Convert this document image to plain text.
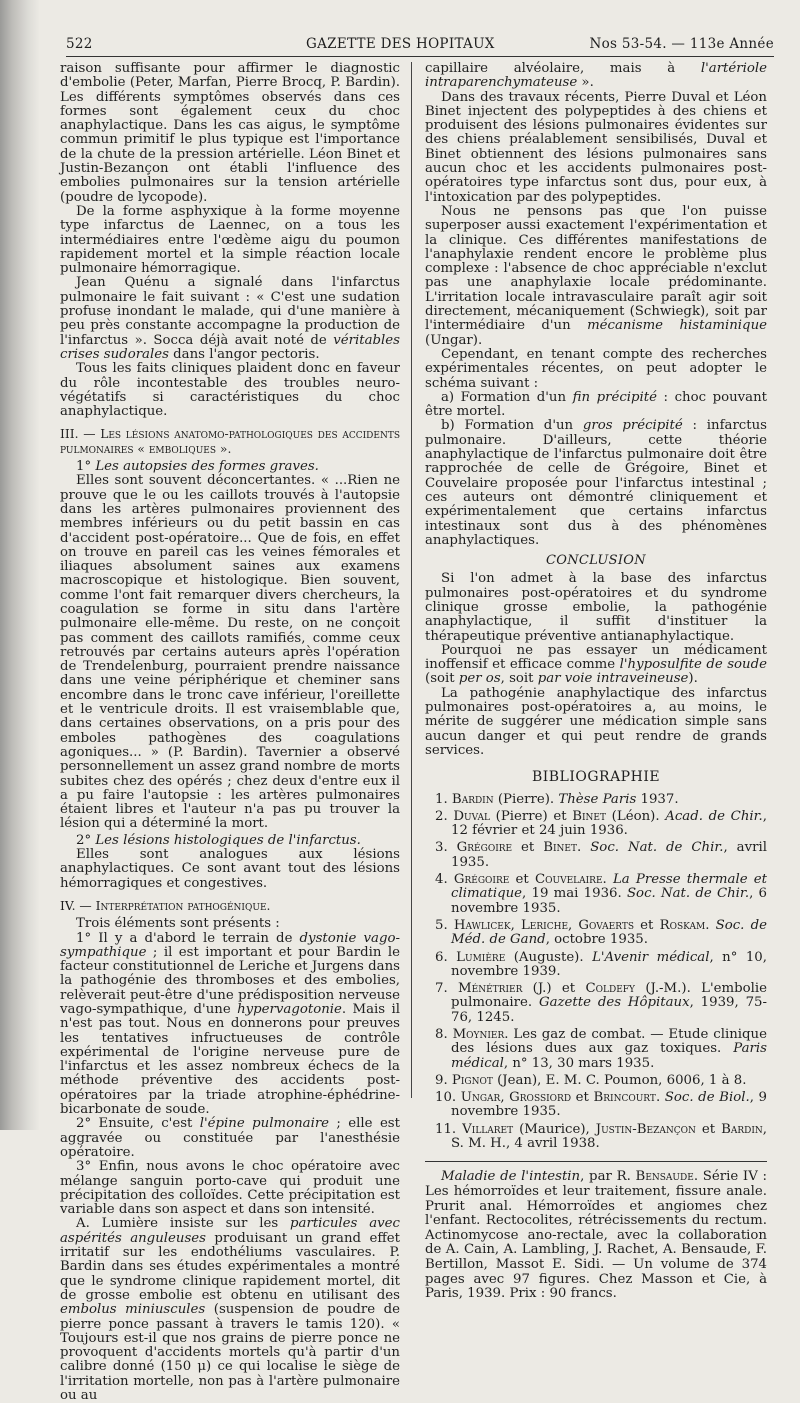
522	GAZETTE DES HOPITAUX	Nos 53-54. — 113e Année

raison suffisante pour affirmer le diagnostic d'embolie (Peter, Marfan, Pierre Brocq, P. Bardin). Les différents symptômes observés dans ces formes sont également ceux du choc anaphylactique. Dans les cas aigus, le symptôme commun primitif le plus typique est l'importance de la chute de la pression artérielle. Léon Binet et Justin-Bezançon ont établi l'influence des embolies pulmonaires sur la tension artérielle (poudre de lycopode).

De la forme asphyxique à la forme moyenne type infarctus de Laennec, on a tous les intermédiaires entre l'œdème aigu du poumon rapidement mortel et la simple réaction locale pulmonaire hémorragique.

Jean Quénu a signalé dans l'infarctus pulmonaire le fait suivant : « C'est une sudation profuse inondant le malade, qui d'une manière à peu près constante accompagne la production de l'infarctus ». Socca déjà avait noté de véritables crises sudorales dans l'angor pectoris.

Tous les faits cliniques plaident donc en faveur du rôle incontestable des troubles neuro-végétatifs si caractéristiques du choc anaphylactique.

III. — Les lésions anatomo-pathologiques des accidents pulmonaires « emboliques ».

1° Les autopsies des formes graves.

Elles sont souvent déconcertantes. « ...Rien ne prouve que le ou les caillots trouvés à l'autopsie dans les artères pulmonaires proviennent des membres inférieurs ou du petit bassin en cas d'accident post-opératoire... Que de fois, en effet on trouve en pareil cas les veines fémorales et iliaques absolument saines aux examens macroscopique et histologique. Bien souvent, comme l'ont fait remarquer divers chercheurs, la coagulation se forme in situ dans l'artère pulmonaire elle-même. Du reste, on ne conçoit pas comment des caillots ramifiés, comme ceux retrouvés par certains auteurs après l'opération de Trendelenburg, pourraient prendre naissance dans une veine périphérique et cheminer sans encombre dans le tronc cave inférieur, l'oreillette et le ventricule droits. Il est vraisemblable que, dans certaines observations, on a pris pour des emboles pathogènes des coagulations agoniques... » (P. Bardin). Tavernier a observé personnellement un assez grand nombre de morts subites chez des opérés ; chez deux d'entre eux il a pu faire l'autopsie : les artères pulmonaires étaient libres et l'auteur n'a pas pu trouver la lésion qui a déterminé la mort.

2° Les lésions histologiques de l'infarctus.

Elles sont analogues aux lésions anaphylactiques. Ce sont avant tout des lésions hémorragiques et congestives.

IV. — Interprétation pathogénique.

Trois éléments sont présents :

1° Il y a d'abord le terrain de dystonie vago-sympathique ; il est important et pour Bardin le facteur constitutionnel de Leriche et Jurgens dans la pathogénie des thromboses et des embolies, relèverait peut-être d'une prédisposition nerveuse vago-sympathique, d'une hypervagotonie. Mais il n'est pas tout. Nous en donnerons pour preuves les tentatives infructueuses de contrôle expérimental de l'origine nerveuse pure de l'infarctus et les assez nombreux échecs de la méthode préventive des accidents post-opératoires par la triade atrophine-éphédrine-bicarbonate de soude.

2° Ensuite, c'est l'épine pulmonaire ; elle est aggravée ou constituée par l'anesthésie opératoire.

3° Enfin, nous avons le choc opératoire avec mélange sanguin porto-cave qui produit une précipitation des colloïdes. Cette précipitation est variable dans son aspect et dans son intensité.

A. Lumière insiste sur les particules avec aspérités anguleuses produisant un grand effet irritatif sur les endothéliums vasculaires. P. Bardin dans ses études expérimentales a montré que le syndrome clinique rapidement mortel, dit de grosse embolie est obtenu en utilisant des embolus miniuscules (suspension de poudre de pierre ponce passant à travers le tamis 120). « Toujours est-il que nos grains de pierre ponce ne provoquent d'accidents mortels qu'à partir d'un calibre donné (150 μ) ce qui localise le siège de l'irritation mortelle, non pas à l'artère pulmonaire ou au

capillaire alvéolaire, mais à l'artériole intraparenchymateuse ».

Dans des travaux récents, Pierre Duval et Léon Binet injectent des polypeptides à des chiens et produisent des lésions pulmonaires évidentes sur des chiens préalablement sensibilisés, Duval et Binet obtiennent des lésions pulmonaires sans aucun choc et les accidents pulmonaires post-opératoires type infarctus sont dus, pour eux, à l'intoxication par des polypeptides.

Nous ne pensons pas que l'on puisse superposer aussi exactement l'expérimentation et la clinique. Ces différentes manifestations de l'anaphylaxie rendent encore le problème plus complexe : l'absence de choc appréciable n'exclut pas une anaphylaxie locale prédominante. L'irritation locale intravasculaire paraît agir soit directement, mécaniquement (Schwiegk), soit par l'intermédiaire d'un mécanisme histaminique (Ungar).

Cependant, en tenant compte des recherches expérimentales récentes, on peut adopter le schéma suivant :

a) Formation d'un fin précipité : choc pouvant être mortel.

b) Formation d'un gros précipité : infarctus pulmonaire. D'ailleurs, cette théorie anaphylactique de l'infarctus pulmonaire doit être rapprochée de celle de Grégoire, Binet et Couvelaire proposée pour l'infarctus intestinal ; ces auteurs ont démontré cliniquement et expérimentalement que certains infarctus intestinaux sont dus à des phénomènes anaphylactiques.

CONCLUSION

Si l'on admet à la base des infarctus pulmonaires post-opératoires et du syndrome clinique grosse embolie, la pathogénie anaphylactique, il suffit d'instituer la thérapeutique préventive antianaphylactique.

Pourquoi ne pas essayer un médicament inoffensif et efficace comme l'hyposulfite de soude (soit per os, soit par voie intraveineuse).

La pathogénie anaphylactique des infarctus pulmonaires post-opératoires a, au moins, le mérite de suggérer une médication simple sans aucun danger et qui peut rendre de grands services.

BIBLIOGRAPHIE

1. Bardin (Pierre). Thèse Paris 1937.
2. Duval (Pierre) et Binet (Léon). Acad. de Chir., 12 février et 24 juin 1936.
3. Grégoire et Binet. Soc. Nat. de Chir., avril 1935.
4. Grégoire et Couvelaire. La Presse thermale et climatique, 19 mai 1936. Soc. Nat. de Chir., 6 novembre 1935.
5. Hawlicek, Leriche, Govaerts et Roskam. Soc. de Méd. de Gand, octobre 1935.
6. Lumière (Auguste). L'Avenir médical, n° 10, novembre 1939.
7. Ménétrier (J.) et Coldefy (J.-M.). L'embolie pulmonaire. Gazette des Hôpitaux, 1939, 75-76, 1245.
8. Moynier. Les gaz de combat. — Etude clinique des lésions dues aux gaz toxiques. Paris médical, n° 13, 30 mars 1935.
9. Pignot (Jean), E. M. C. Poumon, 6006, 1 à 8.
10. Ungar, Grossiord et Brincourt. Soc. de Biol., 9 novembre 1935.
11. Villaret (Maurice), Justin-Bezançon et Bardin, S. M. H., 4 avril 1938.

Maladie de l'intestin, par R. Bensaude. Série IV : Les hémorroïdes et leur traitement, fissure anale. Prurit anal. Hémorroïdes et angiomes chez l'enfant. Rectocolites, rétrécissements du rectum. Actinomycose ano-rectale, avec la collaboration de A. Cain, A. Lambling, J. Rachet, A. Bensaude, F. Bertillon, Massot E. Sidi. — Un volume de 374 pages avec 97 figures. Chez Masson et Cie, à Paris, 1939. Prix : 90 francs.
